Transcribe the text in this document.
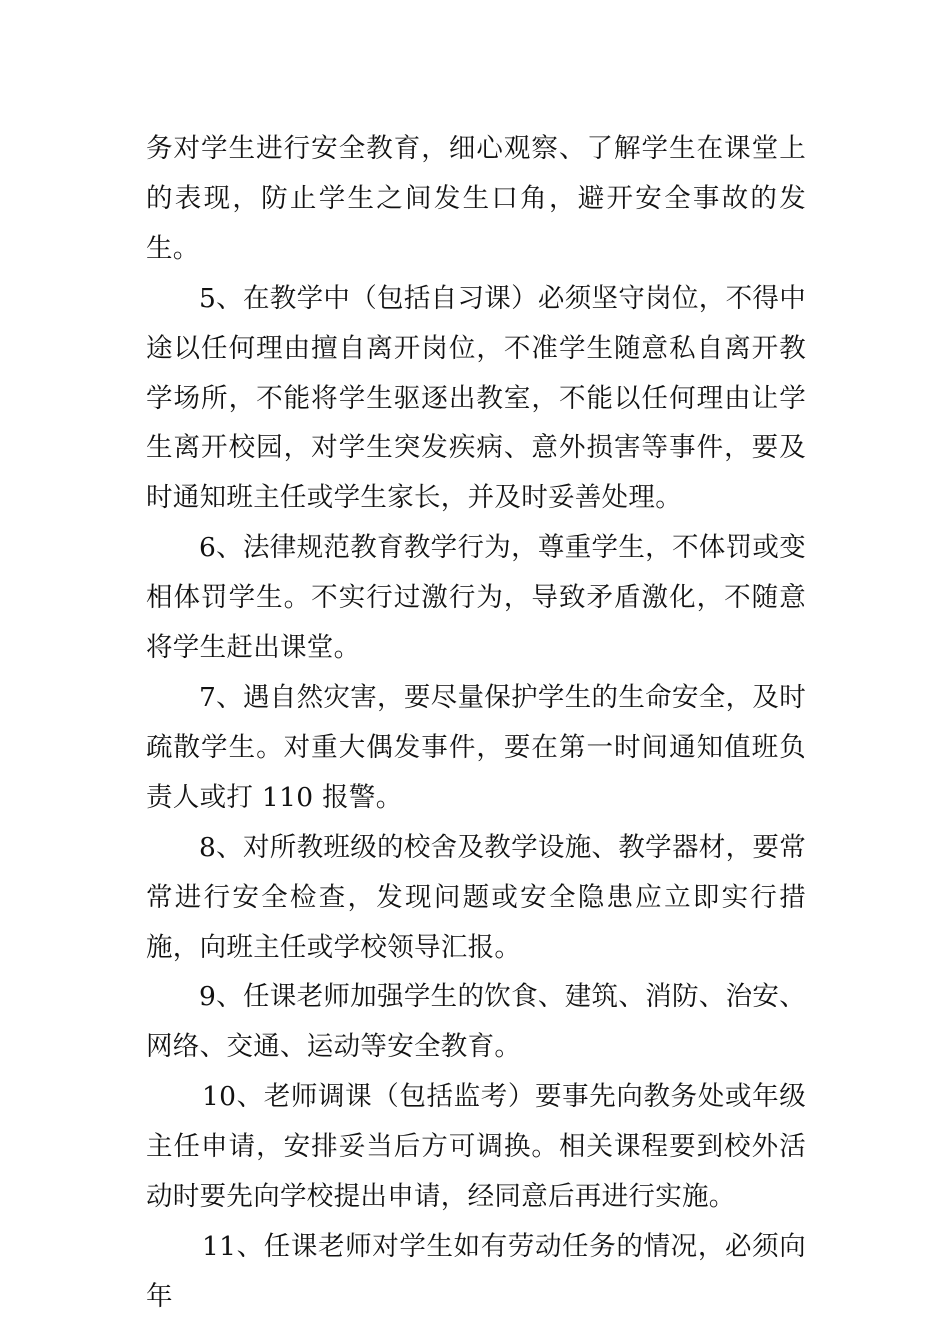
务对学生进行安全教育，细心观察、了解学生在课堂上的表现，防止学生之间发生口角，避开安全事故的发生。

5、在教学中（包括自习课）必须坚守岗位，不得中途以任何理由擅自离开岗位，不准学生随意私自离开教学场所，不能将学生驱逐出教室，不能以任何理由让学生离开校园，对学生突发疾病、意外损害等事件，要及时通知班主任或学生家长，并及时妥善处理。

6、法律规范教育教学行为，尊重学生，不体罚或变相体罚学生。不实行过激行为，导致矛盾激化，不随意将学生赶出课堂。

7、遇自然灾害，要尽量保护学生的生命安全，及时疏散学生。对重大偶发事件，要在第一时间通知值班负责人或打 110 报警。

8、对所教班级的校舍及教学设施、教学器材，要常常进行安全检查，发现问题或安全隐患应立即实行措施，向班主任或学校领导汇报。

9、任课老师加强学生的饮食、建筑、消防、治安、网络、交通、运动等安全教育。

10、老师调课（包括监考）要事先向教务处或年级主任申请，安排妥当后方可调换。相关课程要到校外活动时要先向学校提出申请，经同意后再进行实施。

11、任课老师对学生如有劳动任务的情况，必须向年
